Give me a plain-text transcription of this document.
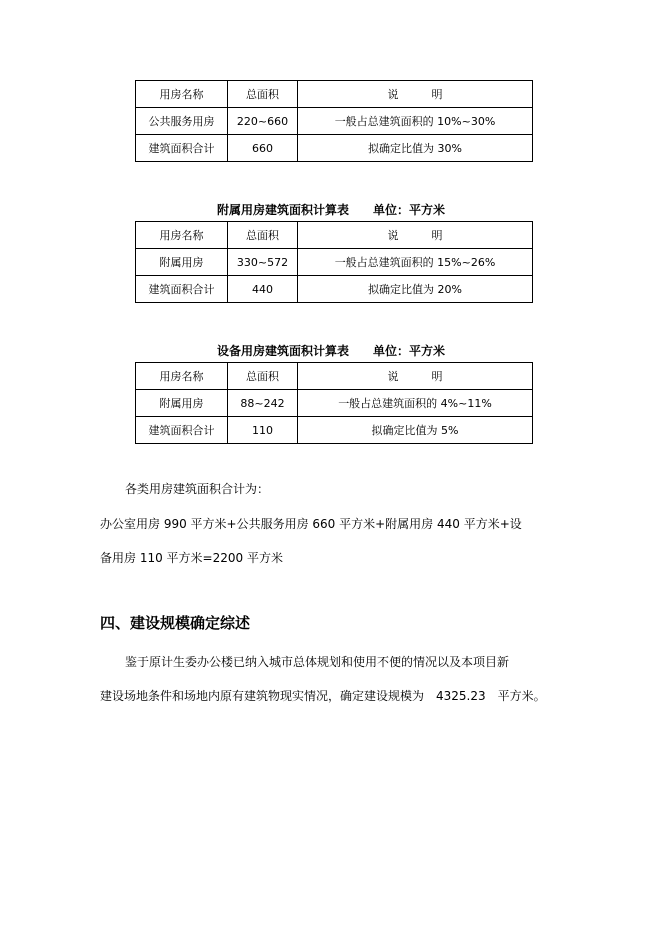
用房名称	总面积	说　　　明
公共服务用房	220~660	一般占总建筑面积的 10%~30%
建筑面积合计	660	拟确定比值为 30%
附属用房建筑面积计算表　　单位：平方米
用房名称	总面积	说　　　明
附属用房	330~572	一般占总建筑面积的 15%~26%
建筑面积合计	440	拟确定比值为 20%
设备用房建筑面积计算表　　单位：平方米
用房名称	总面积	说　　　明
附属用房	88~242	一般占总建筑面积的 4%~11%
建筑面积合计	110	拟确定比值为 5%
各类用房建筑面积合计为：
办公室用房 990 平方米+公共服务用房 660 平方米+附属用房 440 平方米+设
备用房 110 平方米=2200 平方米
四、建设规模确定综述
鉴于原计生委办公楼已纳入城市总体规划和使用不便的情况以及本项目新
建设场地条件和场地内原有建筑物现实情况，确定建设规模为　4325.23　平方米。
